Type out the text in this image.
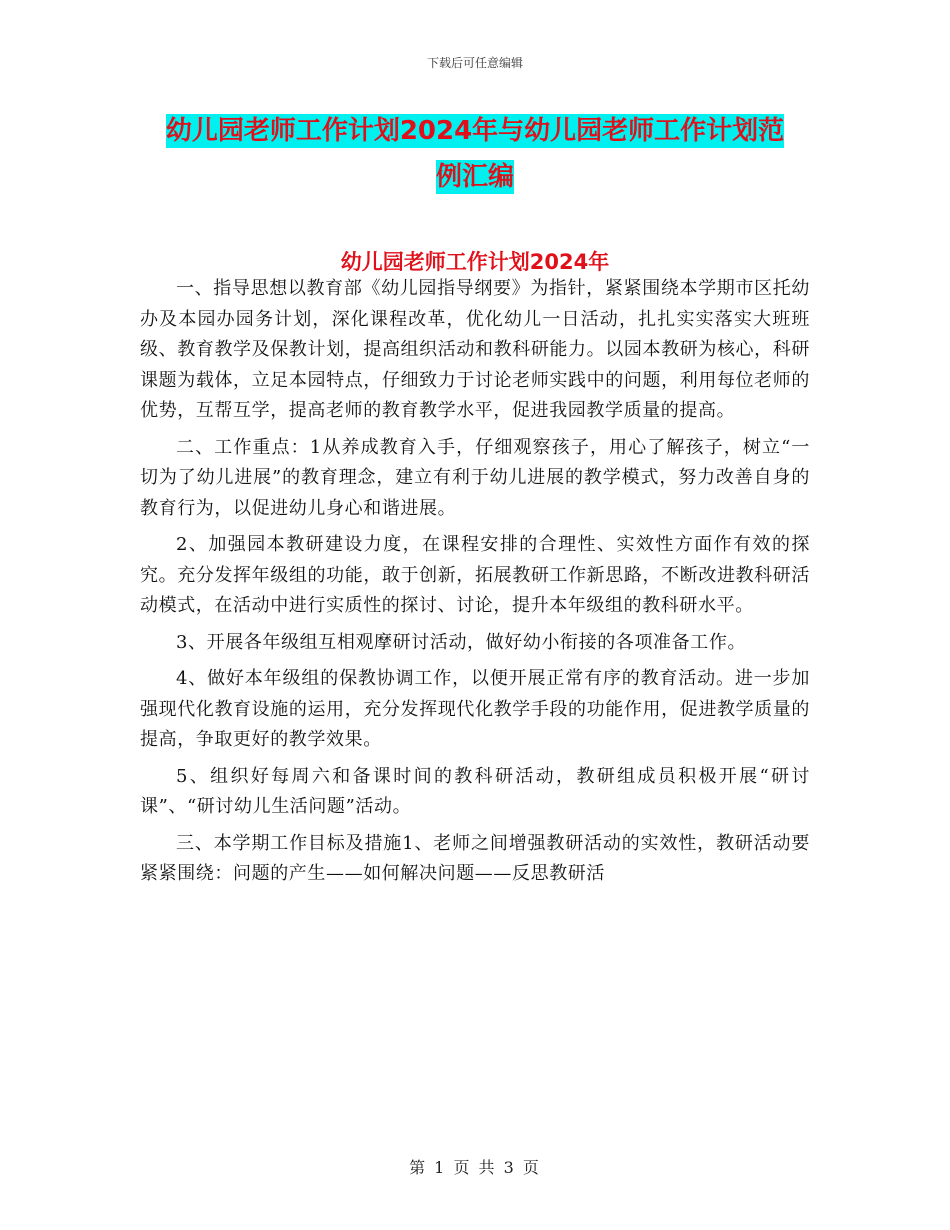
下载后可任意编辑
幼儿园老师工作计划2024年与幼儿园老师工作计划范
例汇编
幼儿园老师工作计划2024年

一、指导思想以教育部《幼儿园指导纲要》为指针，紧紧围绕本学期市区托幼办及本园办园务计划，深化课程改革，优化幼儿一日活动，扎扎实实落实大班班级、教育教学及保教计划，提高组织活动和教科研能力。以园本教研为核心，科研课题为载体，立足本园特点，仔细致力于讨论老师实践中的问题，利用每位老师的优势，互帮互学，提高老师的教育教学水平，促进我园教学质量的提高。

二、工作重点：1从养成教育入手，仔细观察孩子，用心了解孩子，树立“一切为了幼儿进展”的教育理念，建立有利于幼儿进展的教学模式，努力改善自身的教育行为，以促进幼儿身心和谐进展。

2、加强园本教研建设力度，在课程安排的合理性、实效性方面作有效的探究。充分发挥年级组的功能，敢于创新，拓展教研工作新思路，不断改进教科研活动模式，在活动中进行实质性的探讨、讨论，提升本年级组的教科研水平。

3、开展各年级组互相观摩研讨活动，做好幼小衔接的各项准备工作。

4、做好本年级组的保教协调工作，以便开展正常有序的教育活动。进一步加强现代化教育设施的运用，充分发挥现代化教学手段的功能作用，促进教学质量的提高，争取更好的教学效果。

5、组织好每周六和备课时间的教科研活动，教研组成员积极开展“研讨课”、“研讨幼儿生活问题”活动。

三、本学期工作目标及措施1、老师之间增强教研活动的实效性，教研活动要紧紧围绕：问题的产生——如何解决问题——反思教研活

第 1 页 共 3 页
